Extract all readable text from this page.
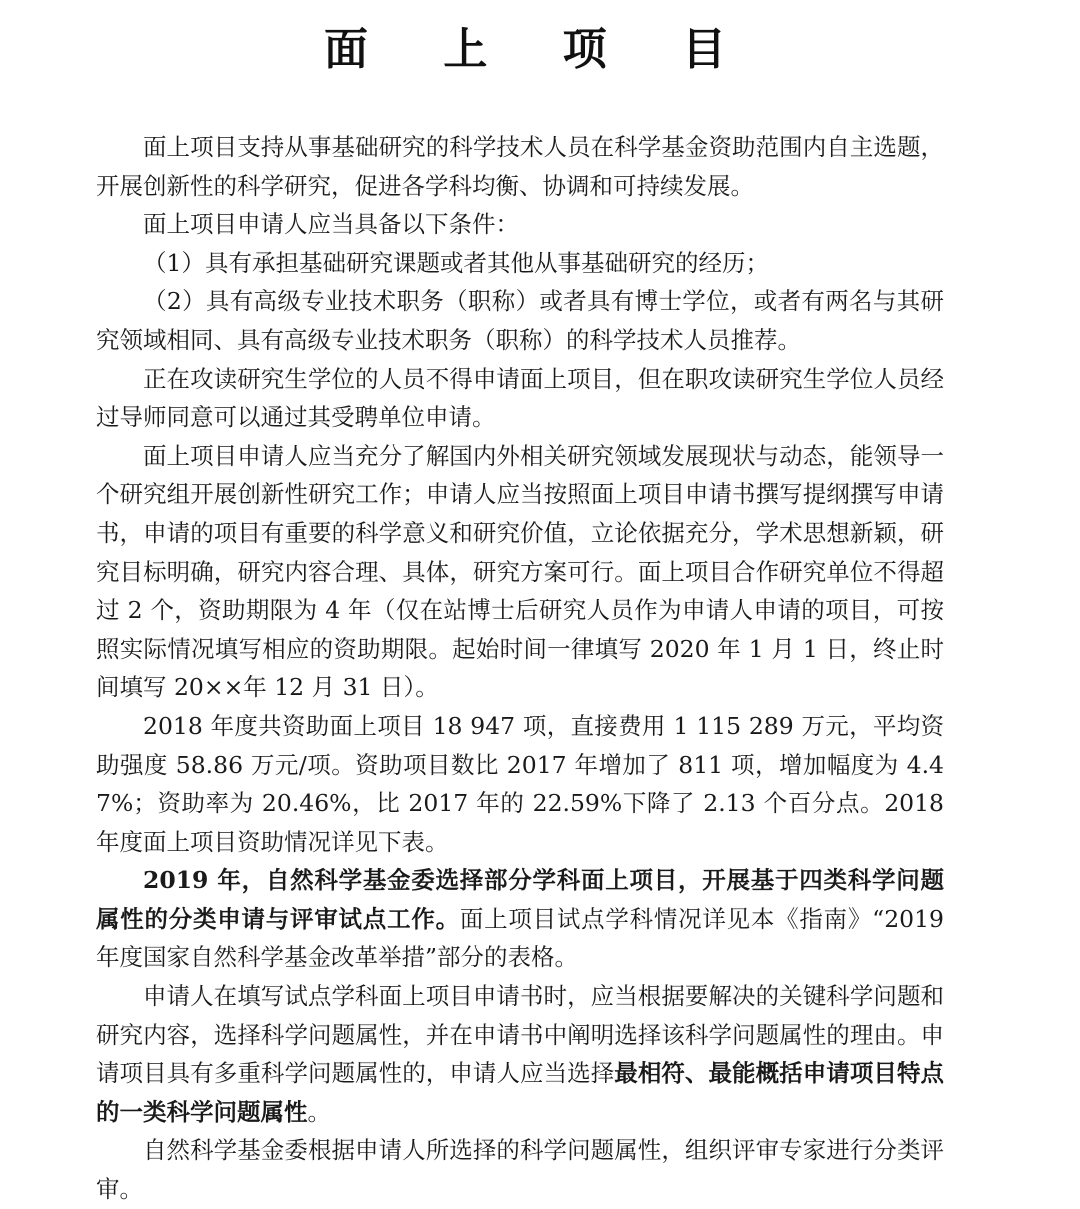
面 上 项 目

面上项目支持从事基础研究的科学技术人员在科学基金资助范围内自主选题，开展创新性的科学研究，促进各学科均衡、协调和可持续发展。

面上项目申请人应当具备以下条件：

（1）具有承担基础研究课题或者其他从事基础研究的经历；

（2）具有高级专业技术职务（职称）或者具有博士学位，或者有两名与其研究领域相同、具有高级专业技术职务（职称）的科学技术人员推荐。

正在攻读研究生学位的人员不得申请面上项目，但在职攻读研究生学位人员经过导师同意可以通过其受聘单位申请。

面上项目申请人应当充分了解国内外相关研究领域发展现状与动态，能领导一个研究组开展创新性研究工作；申请人应当按照面上项目申请书撰写提纲撰写申请书，申请的项目有重要的科学意义和研究价值，立论依据充分，学术思想新颖，研究目标明确，研究内容合理、具体，研究方案可行。面上项目合作研究单位不得超过 2 个，资助期限为 4 年（仅在站博士后研究人员作为申请人申请的项目，可按照实际情况填写相应的资助期限。起始时间一律填写 2020 年 1 月 1 日，终止时间填写 20××年 12 月 31 日）。

2018 年度共资助面上项目 18 947 项，直接费用 1 115 289 万元，平均资助强度 58.86 万元/项。资助项目数比 2017 年增加了 811 项，增加幅度为 4.47%；资助率为 20.46%，比 2017 年的 22.59%下降了 2.13 个百分点。2018 年度面上项目资助情况详见下表。

2019 年，自然科学基金委选择部分学科面上项目，开展基于四类科学问题属性的分类申请与评审试点工作。面上项目试点学科情况详见本《指南》“2019 年度国家自然科学基金改革举措”部分的表格。

申请人在填写试点学科面上项目申请书时，应当根据要解决的关键科学问题和研究内容，选择科学问题属性，并在申请书中阐明选择该科学问题属性的理由。申请项目具有多重科学问题属性的，申请人应当选择最相符、最能概括申请项目特点的一类科学问题属性。

自然科学基金委根据申请人所选择的科学问题属性，组织评审专家进行分类评审。
